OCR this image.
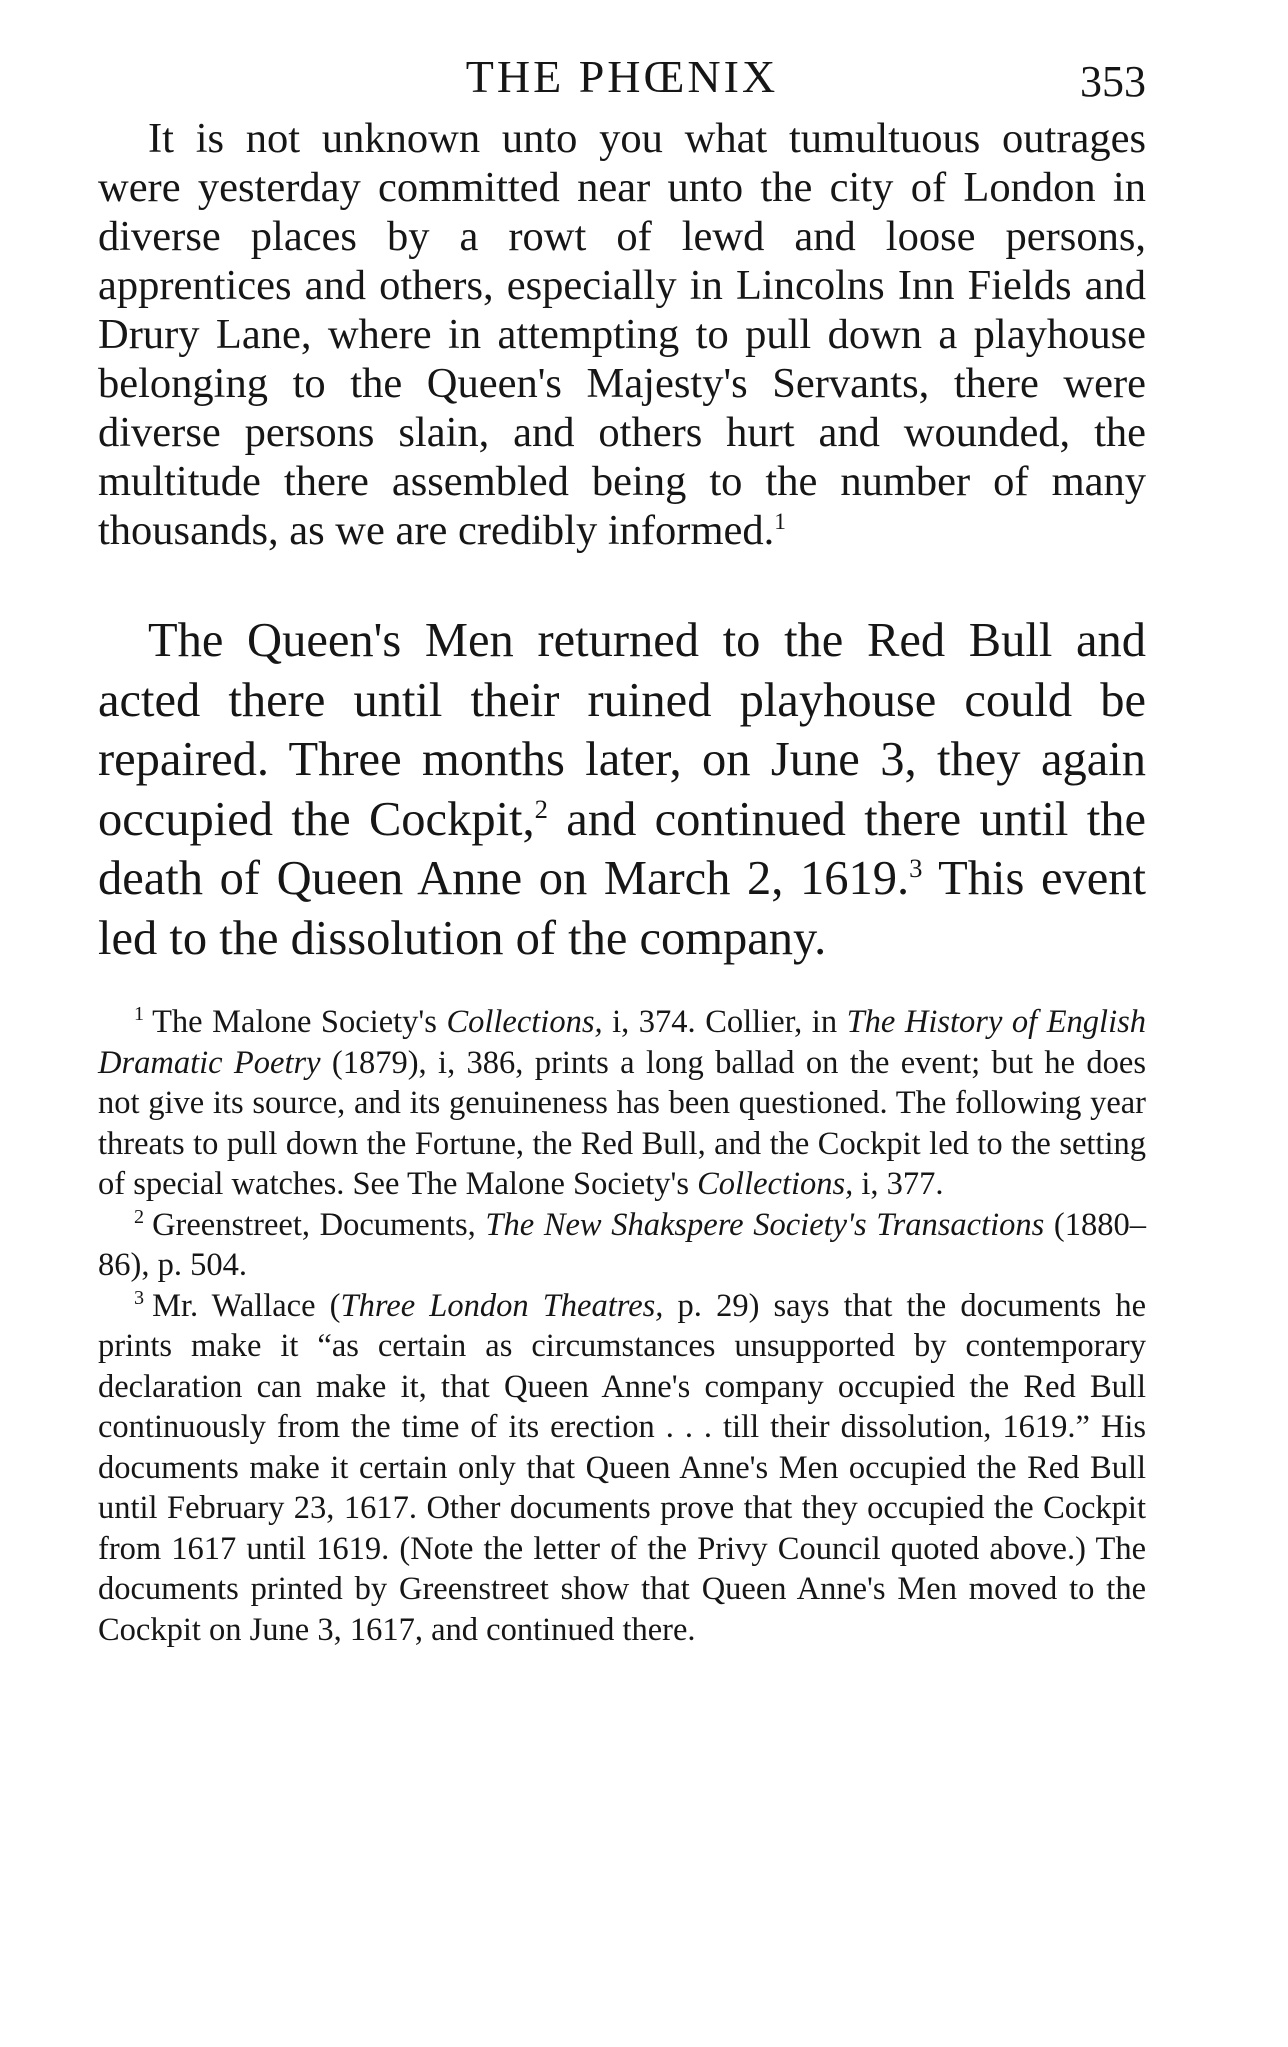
THE PHŒNIX	353

It is not unknown unto you what tumultuous outrages were yesterday committed near unto the city of London in diverse places by a rowt of lewd and loose persons, apprentices and others, especially in Lincolns Inn Fields and Drury Lane, where in attempting to pull down a playhouse belonging to the Queen's Majesty's Servants, there were diverse persons slain, and others hurt and wounded, the multitude there assembled being to the number of many thousands, as we are credibly informed.$^1$

The Queen's Men returned to the Red Bull and acted there until their ruined playhouse could be repaired. Three months later, on June 3, they again occupied the Cockpit,$^2$ and continued there until the death of Queen Anne on March 2, 1619.$^3$ This event led to the dissolution of the company.

$^1$ The Malone Society's Collections, i, 374. Collier, in The History of English Dramatic Poetry (1879), i, 386, prints a long ballad on the event; but he does not give its source, and its genuineness has been questioned. The following year threats to pull down the Fortune, the Red Bull, and the Cockpit led to the setting of special watches. See The Malone Society's Collections, i, 377.

$^2$ Greenstreet, Documents, The New Shakspere Society's Transactions (1880–86), p. 504.

$^3$ Mr. Wallace (Three London Theatres, p. 29) says that the documents he prints make it “as certain as circumstances unsupported by contemporary declaration can make it, that Queen Anne's company occupied the Red Bull continuously from the time of its erection . . . till their dissolution, 1619.” His documents make it certain only that Queen Anne's Men occupied the Red Bull until February 23, 1617. Other documents prove that they occupied the Cockpit from 1617 until 1619. (Note the letter of the Privy Council quoted above.) The documents printed by Greenstreet show that Queen Anne's Men moved to the Cockpit on June 3, 1617, and continued there.
